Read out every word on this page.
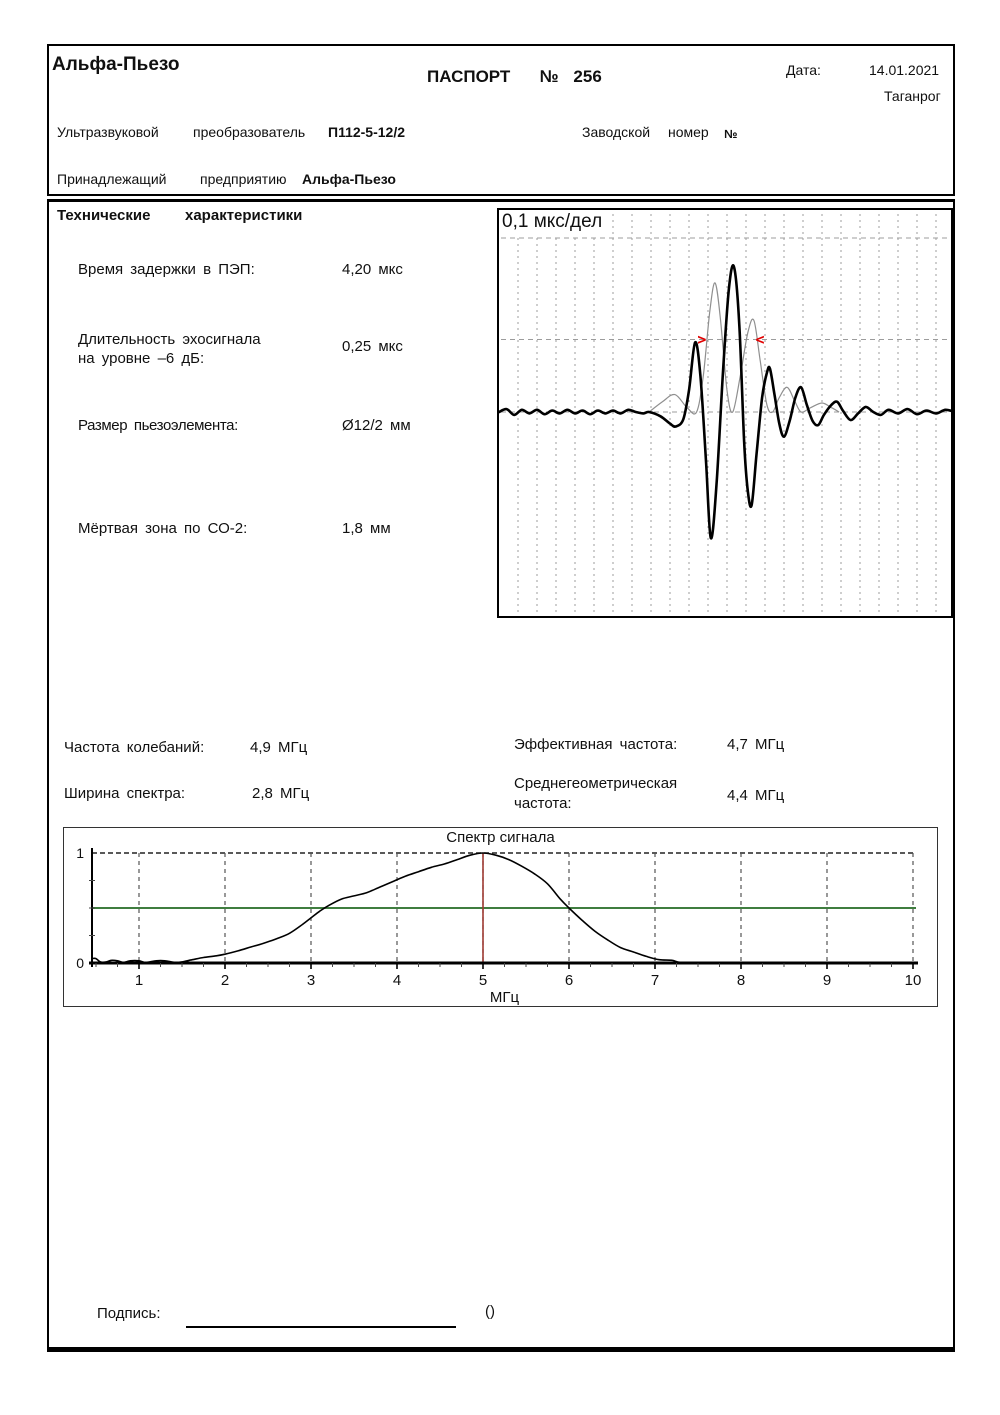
Альфа-Пьезо
ПАСПОРТ  № 256	Дата:	14.01.2021
Таганрог
Ультразвуковой преобразователь П112-5-12/2	Заводской номер №
Принадлежащий предприятию Альфа-Пьезо
Технические характеристики
Время задержки в ПЭП:	4,20 мкс
Длительность эхосигнала
на уровне –6 дБ:
0,25 мкс
Размер пьезоэлемента:	Ø12/2 мм
Мёртвая зона по СО-2:	1,8 мм
0,1 мкс/дел
>	<
Частота колебаний:	4,9 МГц
Ширина спектра:	2,8 МГц
Эффективная частота:	4,7 МГц
Среднегеометрическая
частота:	4,4 МГц
Спектр сигнала
1
0
1	2	3	4	5	6	7	8	9	10
МГц
Подпись:	()
